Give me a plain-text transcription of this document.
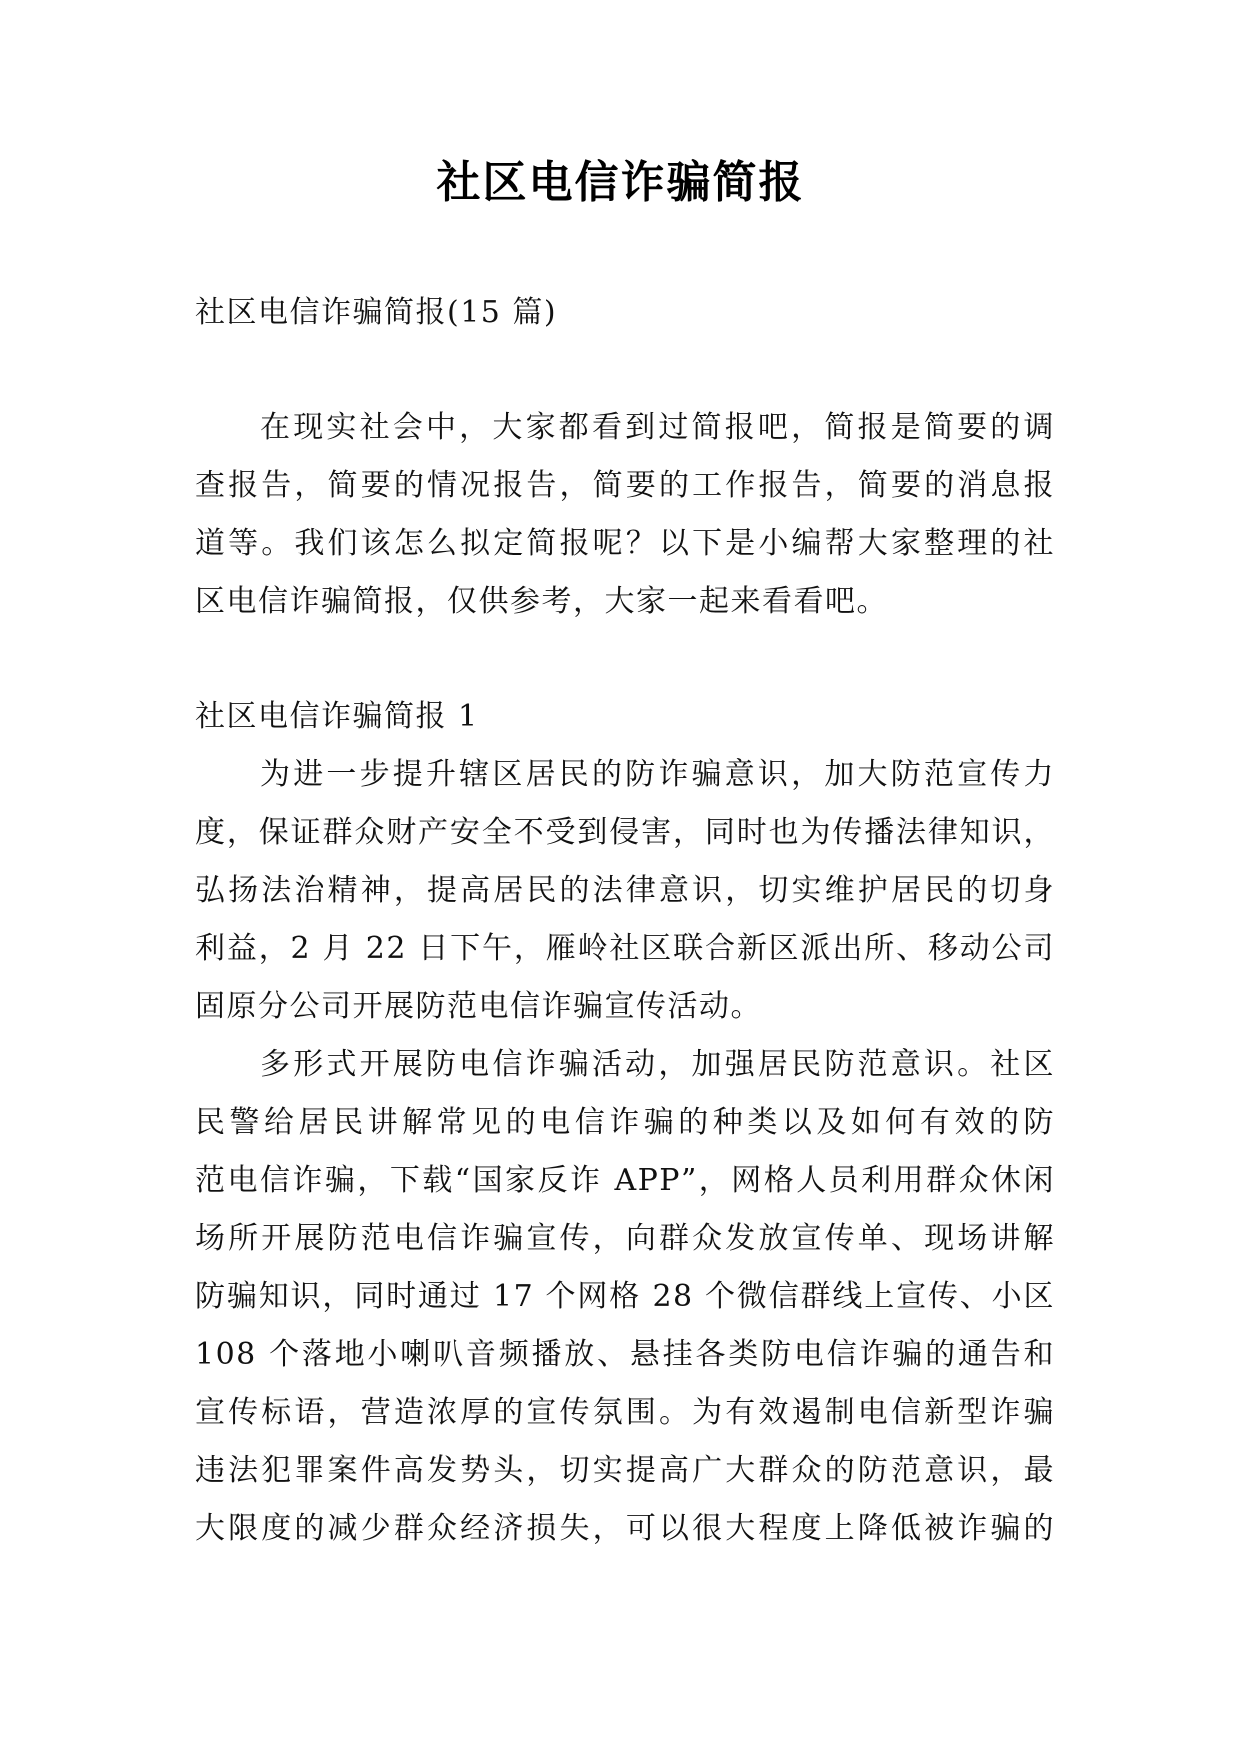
社区电信诈骗简报
社区电信诈骗简报(15 篇)
在现实社会中，大家都看到过简报吧，简报是简要的调
查报告，简要的情况报告，简要的工作报告，简要的消息报
道等。我们该怎么拟定简报呢？以下是小编帮大家整理的社
区电信诈骗简报，仅供参考，大家一起来看看吧。
社区电信诈骗简报 1
为进一步提升辖区居民的防诈骗意识，加大防范宣传力
度，保证群众财产安全不受到侵害，同时也为传播法律知识，
弘扬法治精神，提高居民的法律意识，切实维护居民的切身
利益，2 月 22 日下午，雁岭社区联合新区派出所、移动公司
固原分公司开展防范电信诈骗宣传活动。
多形式开展防电信诈骗活动，加强居民防范意识。社区
民警给居民讲解常见的电信诈骗的种类以及如何有效的防
范电信诈骗，下载“国家反诈 APP”，网格人员利用群众休闲
场所开展防范电信诈骗宣传，向群众发放宣传单、现场讲解
防骗知识，同时通过 17 个网格 28 个微信群线上宣传、小区
108 个落地小喇叭音频播放、悬挂各类防电信诈骗的通告和
宣传标语，营造浓厚的宣传氛围。为有效遏制电信新型诈骗
违法犯罪案件高发势头，切实提高广大群众的防范意识，最
大限度的减少群众经济损失，可以很大程度上降低被诈骗的
